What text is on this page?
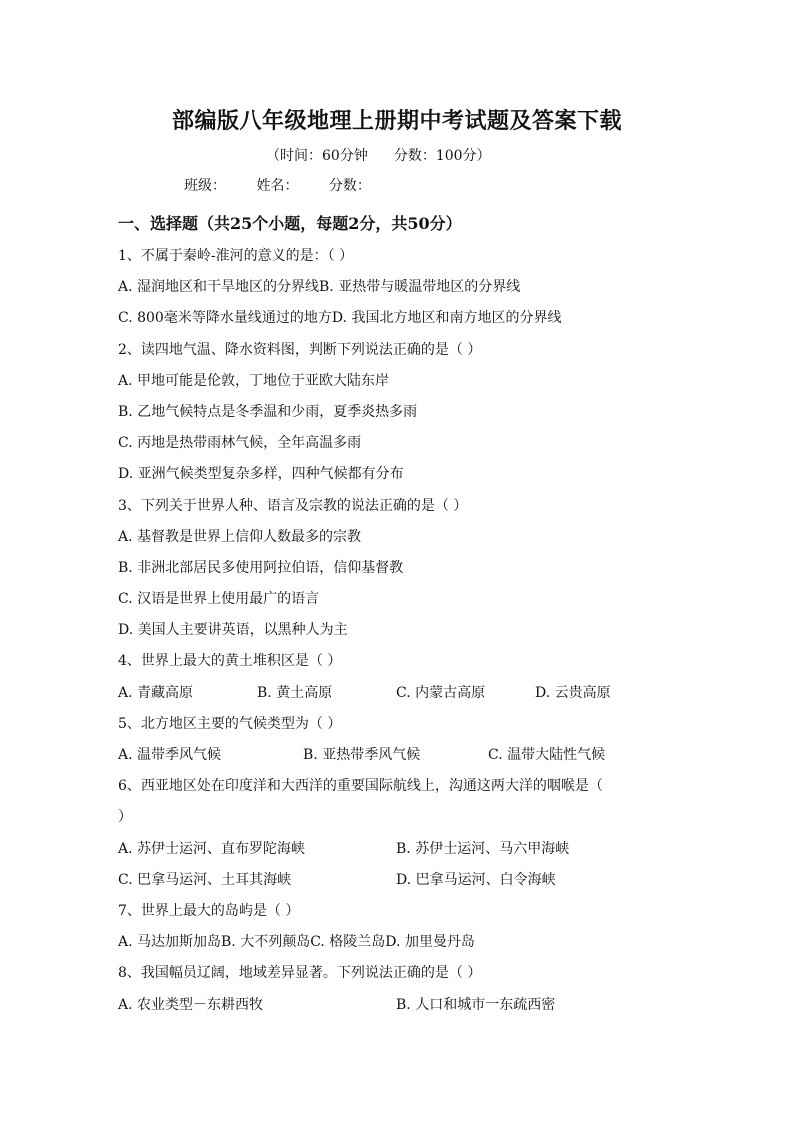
部编版八年级地理上册期中考试题及答案下载
（时间：60分钟 分数：100分）
班级： 姓名： 分数：
一、选择题（共25个小题，每题2分，共50分）
1、不属于秦岭-淮河的意义的是：（ ）
A. 湿润地区和干旱地区的分界线B. 亚热带与暖温带地区的分界线
C. 800毫米等降水量线通过的地方D. 我国北方地区和南方地区的分界线
2、读四地气温、降水资料图，判断下列说法正确的是（ ）
A. 甲地可能是伦敦，丁地位于亚欧大陆东岸
B. 乙地气候特点是冬季温和少雨，夏季炎热多雨
C. 丙地是热带雨林气候，全年高温多雨
D. 亚洲气候类型复杂多样，四种气候都有分布
3、下列关于世界人种、语言及宗教的说法正确的是（ ）
A. 基督教是世界上信仰人数最多的宗教
B. 非洲北部居民多使用阿拉伯语，信仰基督教
C. 汉语是世界上使用最广的语言
D. 美国人主要讲英语，以黑种人为主
4、世界上最大的黄土堆积区是（ ）
A. 青藏高原	B. 黄土高原	C. 内蒙古高原	D. 云贵高原
5、北方地区主要的气候类型为（ ）
A. 温带季风气候	B. 亚热带季风气候	C. 温带大陆性气候
6、西亚地区处在印度洋和大西洋的重要国际航线上，沟通这两大洋的咽喉是（
）
A. 苏伊士运河、直布罗陀海峡	B. 苏伊士运河、马六甲海峡
C. 巴拿马运河、土耳其海峡	D. 巴拿马运河、白令海峡
7、世界上最大的岛屿是（ ）
A. 马达加斯加岛B. 大不列颠岛C. 格陵兰岛D. 加里曼丹岛
8、我国幅员辽阔，地域差异显著。下列说法正确的是（ ）
A. 农业类型－东耕西牧	B. 人口和城市一东疏西密
